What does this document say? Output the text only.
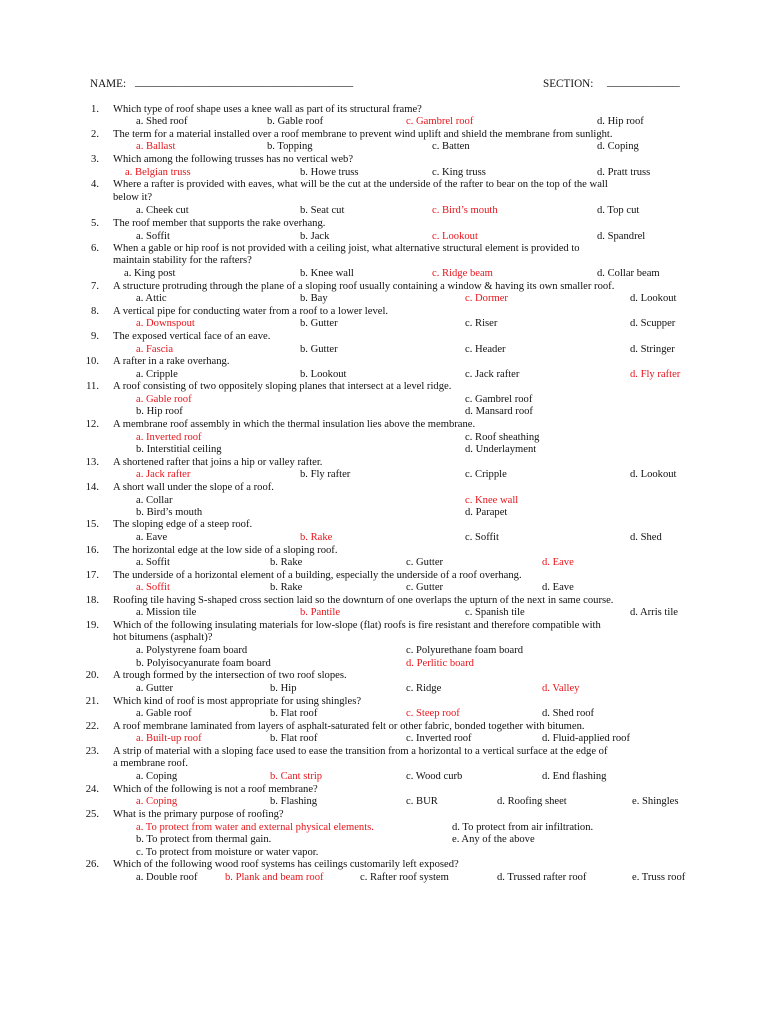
NAME: _______________________________________	SECTION: _____________
1. Which type of roof shape uses a knee wall as part of its structural frame?
a. Shed roof	b. Gable roof	c. Gambrel roof	d. Hip roof
2. The term for a material installed over a roof membrane to prevent wind uplift and shield the membrane from sunlight.
a. Ballast	b. Topping	c. Batten	d. Coping
3. Which among the following trusses has no vertical web?
a. Belgian truss	b. Howe truss	c. King truss	d. Pratt truss
4. Where a rafter is provided with eaves, what will be the cut at the underside of the rafter to bear on the top of the wall
below it?
a. Cheek cut	b. Seat cut	c. Bird’s mouth	d. Top cut
5. The roof member that supports the rake overhang.
a. Soffit	b. Jack	c. Lookout	d. Spandrel
6. When a gable or hip roof is not provided with a ceiling joist, what alternative structural element is provided to
maintain stability for the rafters?
a. King post	b. Knee wall	c. Ridge beam	d. Collar beam
7. A structure protruding through the plane of a sloping roof usually containing a window & having its own smaller roof.
a. Attic	b. Bay	c. Dormer	d. Lookout
8. A vertical pipe for conducting water from a roof to a lower level.
a. Downspout	b. Gutter	c. Riser	d. Scupper
9. The exposed vertical face of an eave.
a. Fascia	b. Gutter	c. Header	d. Stringer
10. A rafter in a rake overhang.
a. Cripple	b. Lookout	c. Jack rafter	d. Fly rafter
11. A roof consisting of two oppositely sloping planes that intersect at a level ridge.
a. Gable roof	c. Gambrel roof
b. Hip roof	d. Mansard roof
12. A membrane roof assembly in which the thermal insulation lies above the membrane.
a. Inverted roof	c. Roof sheathing
b. Interstitial ceiling	d. Underlayment
13. A shortened rafter that joins a hip or valley rafter.
a. Jack rafter	b. Fly rafter	c. Cripple	d. Lookout
14. A short wall under the slope of a roof.
a. Collar	c. Knee wall
b. Bird’s mouth	d. Parapet
15. The sloping edge of a steep roof.
a. Eave	b. Rake	c. Soffit	d. Shed
16. The horizontal edge at the low side of a sloping roof.
a. Soffit	b. Rake	c. Gutter	d. Eave
17. The underside of a horizontal element of a building, especially the underside of a roof overhang.
a. Soffit	b. Rake	c. Gutter	d. Eave
18. Roofing tile having S-shaped cross section laid so the downturn of one overlaps the upturn of the next in same course.
a. Mission tile	b. Pantile	c. Spanish tile	d. Arris tile
19. Which of the following insulating materials for low-slope (flat) roofs is fire resistant and therefore compatible with
hot bitumens (asphalt)?
a. Polystyrene foam board	c. Polyurethane foam board
b. Polyisocyanurate foam board	d. Perlitic board
20. A trough formed by the intersection of two roof slopes.
a. Gutter	b. Hip	c. Ridge	d. Valley
21. Which kind of roof is most appropriate for using shingles?
a. Gable roof	b. Flat roof	c. Steep roof	d. Shed roof
22. A roof membrane laminated from layers of asphalt-saturated felt or other fabric, bonded together with bitumen.
a. Built-up roof	b. Flat roof	c. Inverted roof	d. Fluid-applied roof
23. A strip of material with a sloping face used to ease the transition from a horizontal to a vertical surface at the edge of
a membrane roof.
a. Coping	b. Cant strip	c. Wood curb	d. End flashing
24. Which of the following is not a roof membrane?
a. Coping	b. Flashing	c. BUR	d. Roofing sheet	e. Shingles
25. What is the primary purpose of roofing?
a. To protect from water and external physical elements.	d. To protect from air infiltration.
b. To protect from thermal gain.	e. Any of the above
c. To protect from moisture or water vapor.
26. Which of the following wood roof systems has ceilings customarily left exposed?
a. Double roof	b. Plank and beam roof	c. Rafter roof system	d. Trussed rafter roof	e. Truss roof
